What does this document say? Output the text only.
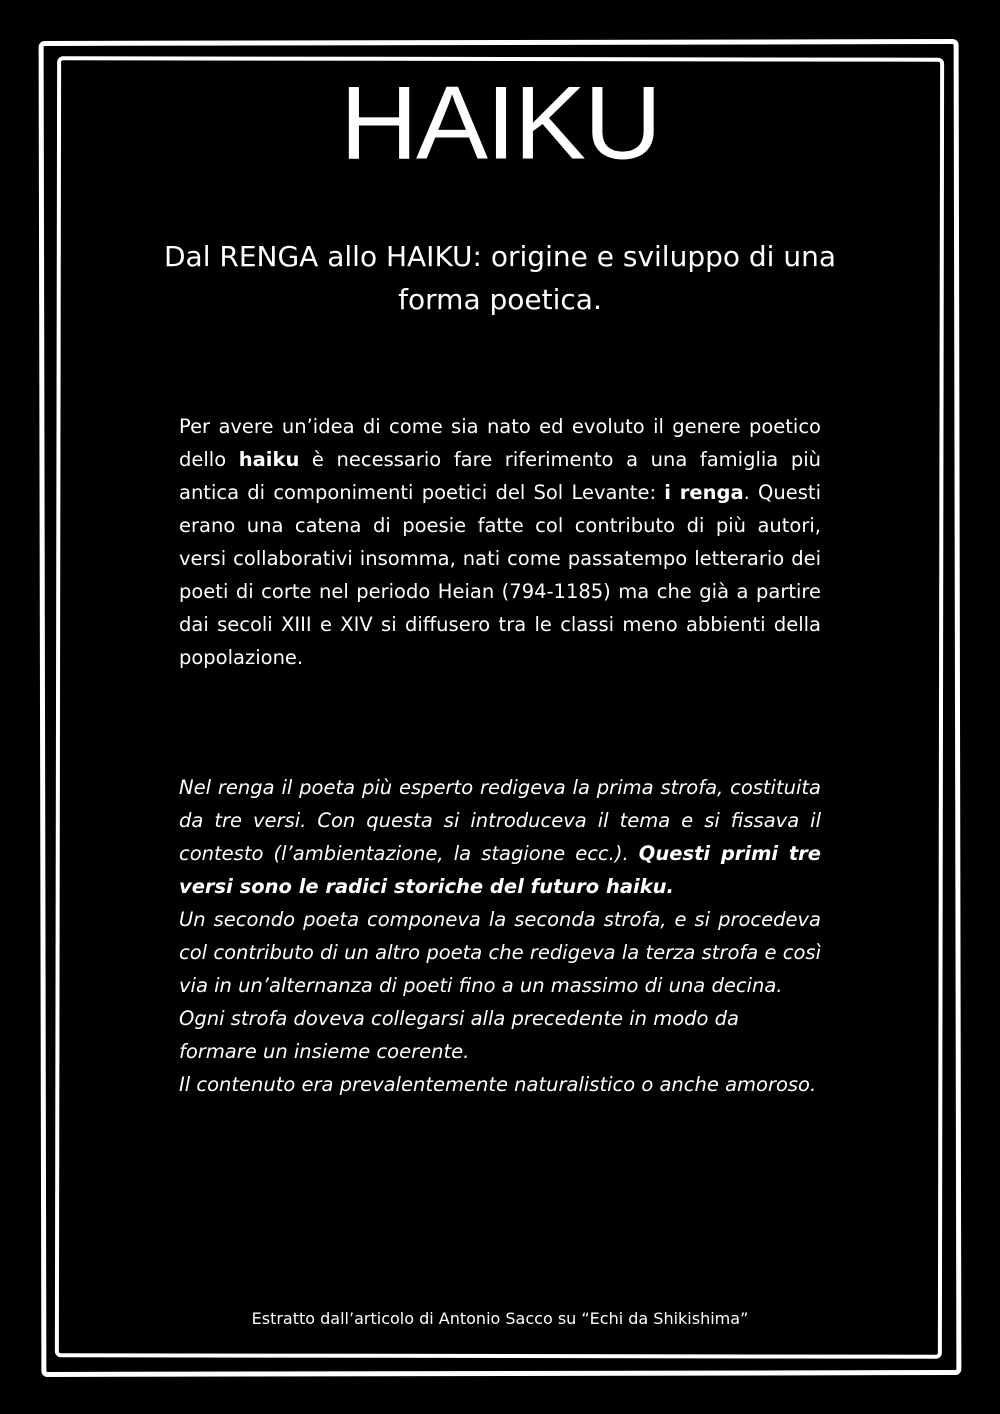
HAIKU
Dal RENGA allo HAIKU: origine e sviluppo di una forma poetica.
Per avere un’idea di come sia nato ed evoluto il genere poetico dello haiku è necessario fare riferimento a una famiglia più antica di componimenti poetici del Sol Levante: i renga. Questi erano una catena di poesie fatte col contributo di più autori, versi collaborativi insomma, nati come passatempo letterario dei poeti di corte nel periodo Heian (794-1185) ma che già a partire dai secoli XIII e XIV si diffusero tra le classi meno abbienti della popolazione.
Nel renga il poeta più esperto redigeva la prima strofa, costituita da tre versi. Con questa si introduceva il tema e si fissava il contesto (l’ambientazione, la stagione ecc.). Questi primi tre versi sono le radici storiche del futuro haiku.
Un secondo poeta componeva la seconda strofa, e si procedeva col contributo di un altro poeta che redigeva la terza strofa e così via in un’alternanza di poeti fino a un massimo di una decina.
Ogni strofa doveva collegarsi alla precedente in modo da formare un insieme coerente.
Il contenuto era prevalentemente naturalistico o anche amoroso.
Estratto dall’articolo di Antonio Sacco su “Echi da Shikishima”
